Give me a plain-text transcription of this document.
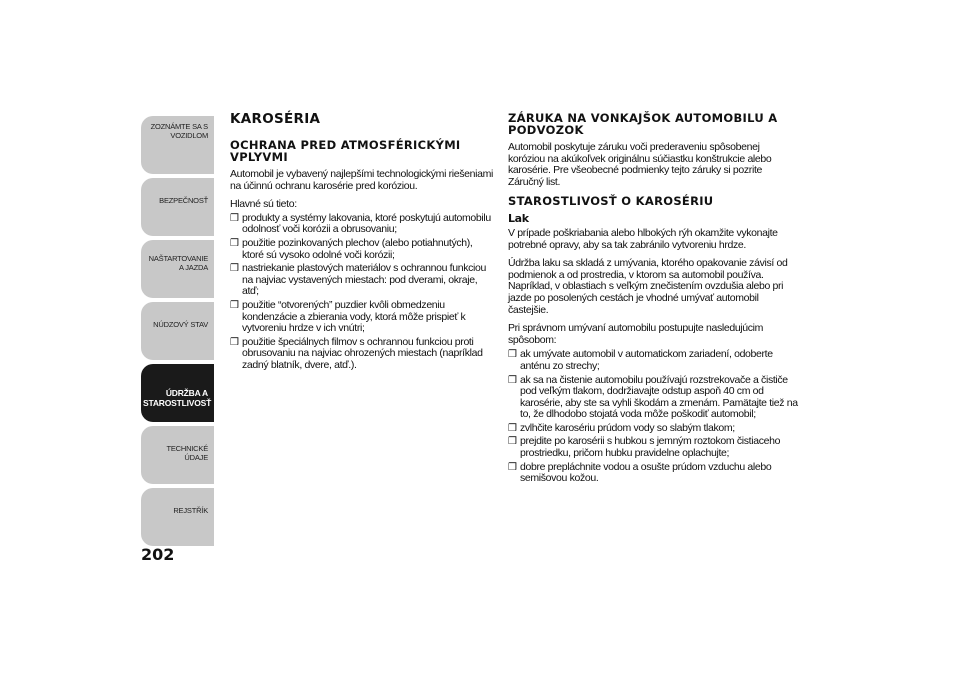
ZOZNÁMTE SA S VOZIDLOM
BEZPEČNOSŤ
NAŠTARTOVANIE A JAZDA
NÚDZOVÝ STAV
ÚDRŽBA A STAROSTLIVOSŤ
TECHNICKÉ ÚDAJE
REJSTŘÍK
202
KAROSÉRIA
OCHRANA PRED ATMOSFÉRICKÝMI VPLYVMI

Automobil je vybavený najlepšími technologickými riešeniami na účinnú ochranu karosérie pred koróziou.

Hlavné sú tieto:

❒ produkty a systémy lakovania, ktoré poskytujú automobilu odolnosť voči korózii a obrusovaniu;
❒ použitie pozinkovaných plechov (alebo potiahnutých), ktoré sú vysoko odolné voči korózii;
❒ nastriekanie plastových materiálov s ochrannou funkciou na najviac vystavených miestach: pod dverami, okraje, atď;
❒ použitie “otvorených” puzdier kvôli obmedzeniu kondenzácie a zbierania vody, ktorá môže prispieť k vytvoreniu hrdze v ich vnútri;
❒ použitie špeciálnych filmov s ochrannou funkciou proti obrusovaniu na najviac ohrozených miestach (napríklad zadný blatník, dvere, atď.).
ZÁRUKA NA VONKAJŠOK AUTOMOBILU A PODVOZOK

Automobil poskytuje záruku voči prederaveniu spôsobenej koróziou na akúkoľvek originálnu súčiastku konštrukcie alebo karosérie. Pre všeobecné podmienky tejto záruky si pozrite Záručný list.

STAROSTLIVOSŤ O KAROSÉRIU
Lak

V prípade poškriabania alebo hlbokých rýh okamžite vykonajte potrebné opravy, aby sa tak zabránilo vytvoreniu hrdze.

Údržba laku sa skladá z umývania, ktorého opakovanie závisí od podmienok a od prostredia, v ktorom sa automobil používa. Napríklad, v oblastiach s veľkým znečistením ovzdušia alebo pri jazde po posolených cestách je vhodné umývať automobil častejšie.

Pri správnom umývaní automobilu postupujte nasledujúcim spôsobom:

❒ ak umývate automobil v automatickom zariadení, odoberte anténu zo strechy;
❒ ak sa na čistenie automobilu používajú rozstrekovače a čističe pod veľkým tlakom, dodržiavajte odstup aspoň 40 cm od karosérie, aby ste sa vyhli škodám a zmenám. Pamätajte tiež na to, že dlhodobo stojatá voda môže poškodiť automobil;
❒ zvlhčite karosériu prúdom vody so slabým tlakom;
❒ prejdite po karosérii s hubkou s jemným roztokom čistiaceho prostriedku, pričom hubku pravidelne oplachujte;
❒ dobre prepláchnite vodou a osušte prúdom vzduchu alebo semišovou kožou.
